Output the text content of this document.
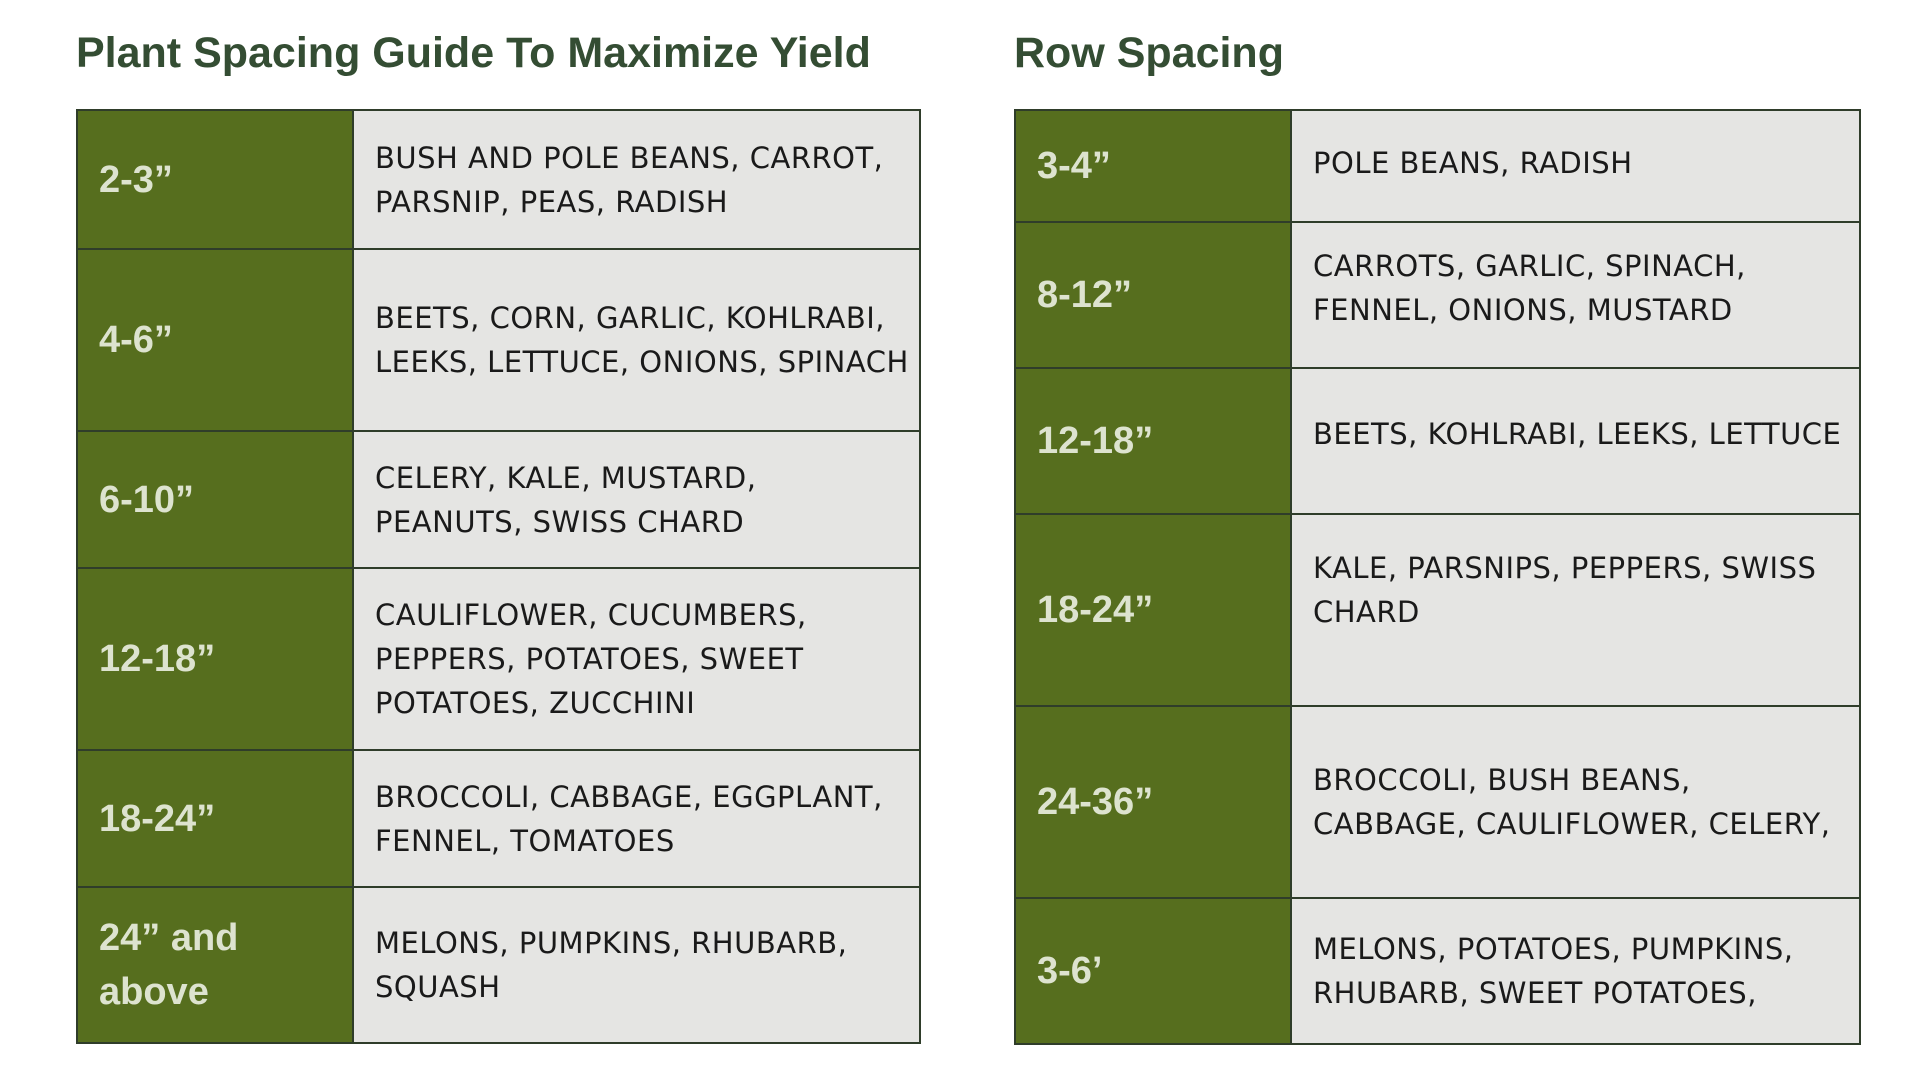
Plant Spacing Guide To Maximize Yield
2-3”
BUSH AND POLE BEANS, CARROT, PARSNIP, PEAS, RADISH
4-6”
BEETS, CORN, GARLIC, KOHLRABI, LEEKS, LETTUCE, ONIONS, SPINACH
6-10”
CELERY, KALE, MUSTARD, PEANUTS, SWISS CHARD
12-18”
CAULIFLOWER, CUCUMBERS, PEPPERS, POTATOES, SWEET POTATOES, ZUCCHINI
18-24”
BROCCOLI, CABBAGE, EGGPLANT, FENNEL, TOMATOES
24” and above
MELONS, PUMPKINS, RHUBARB, SQUASH
Row Spacing
3-4”	POLE BEANS, RADISH
8-12”
CARROTS, GARLIC, SPINACH, FENNEL, ONIONS, MUSTARD
12-18”	BEETS, KOHLRABI, LEEKS, LETTUCE
18-24”
KALE, PARSNIPS, PEPPERS, SWISS CHARD
24-36”
BROCCOLI, BUSH BEANS, CABBAGE, CAULIFLOWER, CELERY,
3-6’
MELONS, POTATOES, PUMPKINS, RHUBARB, SWEET POTATOES,
